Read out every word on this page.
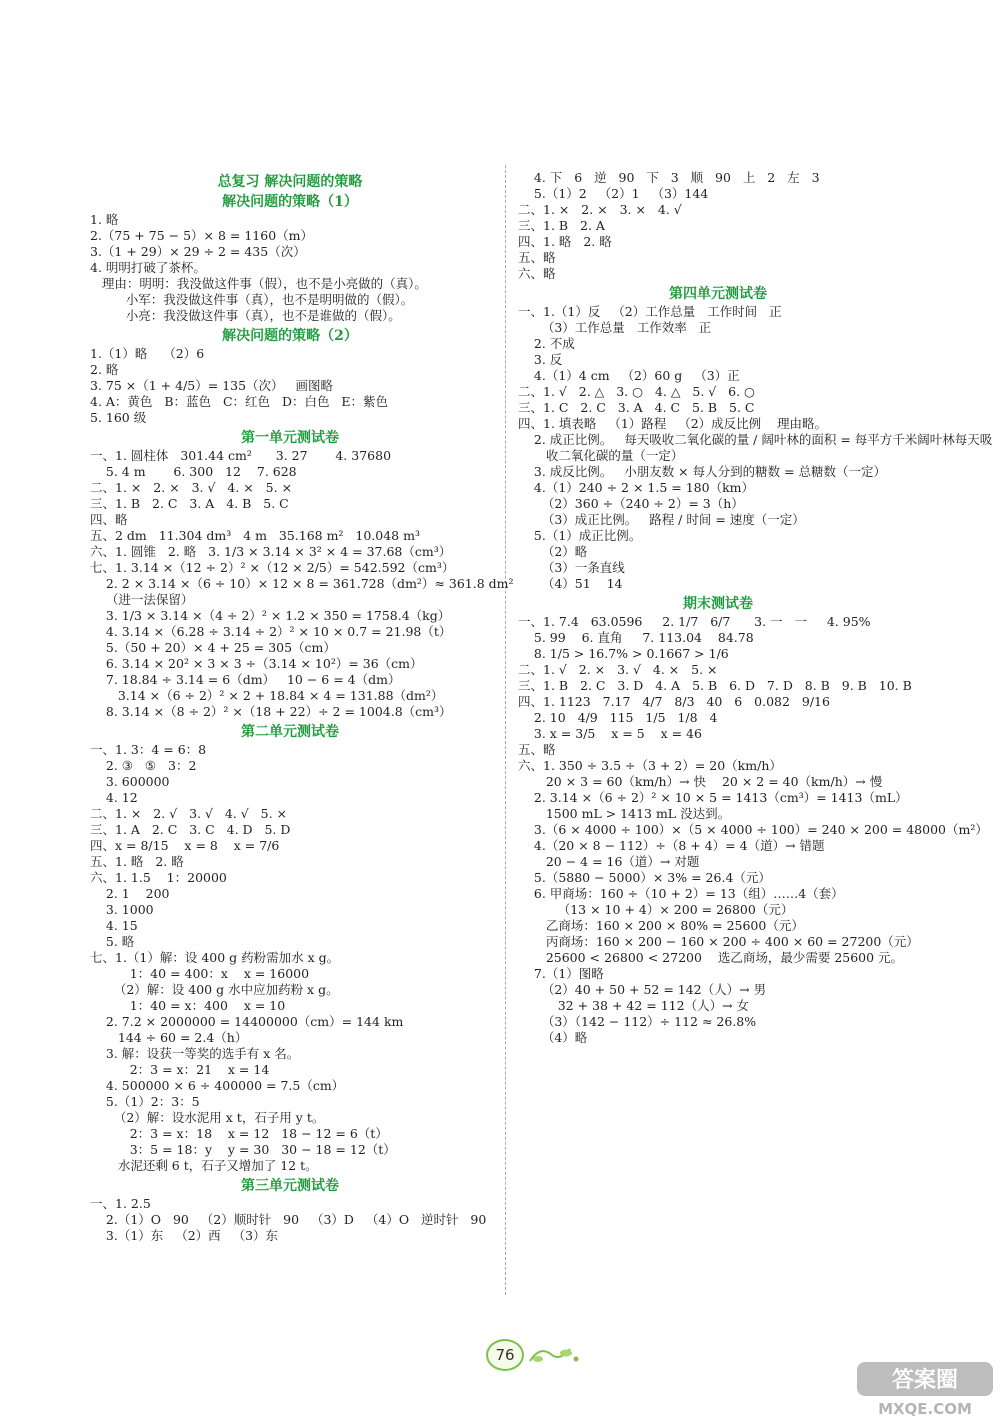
总复习 解决问题的策略
解决问题的策略（1）
1. 略
2.（75 + 75 − 5）× 8 = 1160（m）
3.（1 + 29）× 29 ÷ 2 = 435（次）
4. 明明打破了茶杯。
理由：明明：我没做这件事（假），也不是小亮做的（真）。
小军：我没做这件事（真），也不是明明做的（假）。
小亮：我没做这件事（真），也不是谁做的（假）。
解决问题的策略（2）
1.（1）略    （2）6
2. 略
3. 75 ×（1 + 4/5）= 135（次）   画图略
4. A：黄色   B：蓝色   C：红色   D：白色   E：紫色
5. 160 级
第一单元测试卷
一、1. 圆柱体   301.44 cm²      3. 27       4. 37680
5. 4 m       6. 300   12    7. 628
二、1. ×   2. ×   3. √   4. ×   5. ×
三、1. B   2. C   3. A   4. B   5. C
四、略
五、2 dm   11.304 dm³   4 m   35.168 m²   10.048 m³
六、1. 圆锥   2. 略   3. 1/3 × 3.14 × 3² × 4 = 37.68（cm³）
七、1. 3.14 ×（12 ÷ 2）² ×（12 × 2/5）= 542.592（cm³）
2. 2 × 3.14 ×（6 ÷ 10）× 12 × 8 = 361.728（dm²）≈ 361.8 dm²
（进一法保留）
3. 1/3 × 3.14 ×（4 ÷ 2）² × 1.2 × 350 = 1758.4（kg）
4. 3.14 ×（6.28 ÷ 3.14 ÷ 2）² × 10 × 0.7 = 21.98（t）
5.（50 + 20）× 4 + 25 = 305（cm）
6. 3.14 × 20² × 3 × 3 ÷（3.14 × 10²）= 36（cm）
7. 18.84 ÷ 3.14 = 6（dm）   10 − 6 = 4（dm）
3.14 ×（6 ÷ 2）² × 2 + 18.84 × 4 = 131.88（dm²）
8. 3.14 ×（8 ÷ 2）² ×（18 + 22）÷ 2 = 1004.8（cm³）
第二单元测试卷
一、1. 3：4 = 6：8
2. ③   ⑤   3：2
3. 600000
4. 12
二、1. ×   2. √   3. √   4. √   5. ×
三、1. A   2. C   3. C   4. D   5. D
四、x = 8/15    x = 8    x = 7/6
五、1. 略   2. 略
六、1. 1.5    1：20000
2. 1    200
3. 1000
4. 15
5. 略
七、1.（1）解：设 400 g 药粉需加水 x g。
1：40 = 400：x    x = 16000
（2）解：设 400 g 水中应加药粉 x g。
1：40 = x：400    x = 10
2. 7.2 × 2000000 = 14400000（cm）= 144 km
144 ÷ 60 = 2.4（h）
3. 解：设获一等奖的选手有 x 名。
2：3 = x：21    x = 14
4. 500000 × 6 ÷ 400000 = 7.5（cm）
5.（1）2：3：5
（2）解：设水泥用 x t，石子用 y t。
2：3 = x：18    x = 12   18 − 12 = 6（t）
3：5 = 18：y    y = 30   30 − 18 = 12（t）
水泥还剩 6 t，石子又增加了 12 t。
第三单元测试卷
一、1. 2.5
2.（1）O   90   （2）顺时针   90   （3）D   （4）O   逆时针   90
3.（1）东   （2）西   （3）东
4. 下   6   逆   90   下   3   顺   90   上   2   左   3
5.（1）2   （2）1   （3）144
二、1. ×   2. ×   3. ×   4. √
三、1. B   2. A
四、1. 略   2. 略
五、略
六、略
第四单元测试卷
一、1.（1）反   （2）工作总量   工作时间   正
（3）工作总量   工作效率   正
2. 不成
3. 反
4.（1）4 cm   （2）60 g   （3）正
二、1. √   2. △   3. ○   4. △   5. √   6. ○
三、1. C   2. C   3. A   4. C   5. B   5. C
四、1. 填表略   （1）路程   （2）成反比例    理由略。
2. 成正比例。   每天吸收二氧化碳的量 / 阔叶林的面积 = 每平方千米阔叶林每天吸
收二氧化碳的量（一定）
3. 成反比例。   小朋友数 × 每人分到的糖数 = 总糖数（一定）
4.（1）240 ÷ 2 × 1.5 = 180（km）
（2）360 ÷（240 ÷ 2）= 3（h）
（3）成正比例。   路程 / 时间 = 速度（一定）
5.（1）成正比例。
（2）略
（3）一条直线
（4）51    14
期末测试卷
一、1. 7.4   63.0596     2. 1/7   6/7      3. 一   一     4. 95%
5. 99    6. 直角     7. 113.04    84.78
8. 1/5 > 16.7% > 0.1667 > 1/6
二、1. √   2. ×   3. √   4. ×   5. ×
三、1. B   2. C   3. D   4. A   5. B   6. D   7. D   8. B   9. B   10. B
四、1. 1123   7.17   4/7   8/3   40   6   0.082   9/16
2. 10   4/9   115   1/5   1/8   4
3. x = 3/5    x = 5    x = 46
五、略
六、1. 350 ÷ 3.5 ÷（3 + 2）= 20（km/h）
20 × 3 = 60（km/h）→ 快    20 × 2 = 40（km/h）→ 慢
2. 3.14 ×（6 ÷ 2）² × 10 × 5 = 1413（cm³）= 1413（mL）
1500 mL > 1413 mL 没达到。
3.（6 × 4000 ÷ 100）×（5 × 4000 ÷ 100）= 240 × 200 = 48000（m²）
4.（20 × 8 − 112）÷（8 + 4）= 4（道）→ 错题
20 − 4 = 16（道）→ 对题
5.（5880 − 5000）× 3% = 26.4（元）
6. 甲商场：160 ÷（10 + 2）= 13（组）……4（套）
（13 × 10 + 4）× 200 = 26800（元）
乙商场：160 × 200 × 80% = 25600（元）
丙商场：160 × 200 − 160 × 200 ÷ 400 × 60 = 27200（元）
25600 < 26800 < 27200    选乙商场，最少需要 25600 元。
7.（1）图略
（2）40 + 50 + 52 = 142（人）→ 男
32 + 38 + 42 = 112（人）→ 女
（3）（142 − 112）÷ 112 ≈ 26.8%
（4）略
76
答案圈
MXQE.COM
